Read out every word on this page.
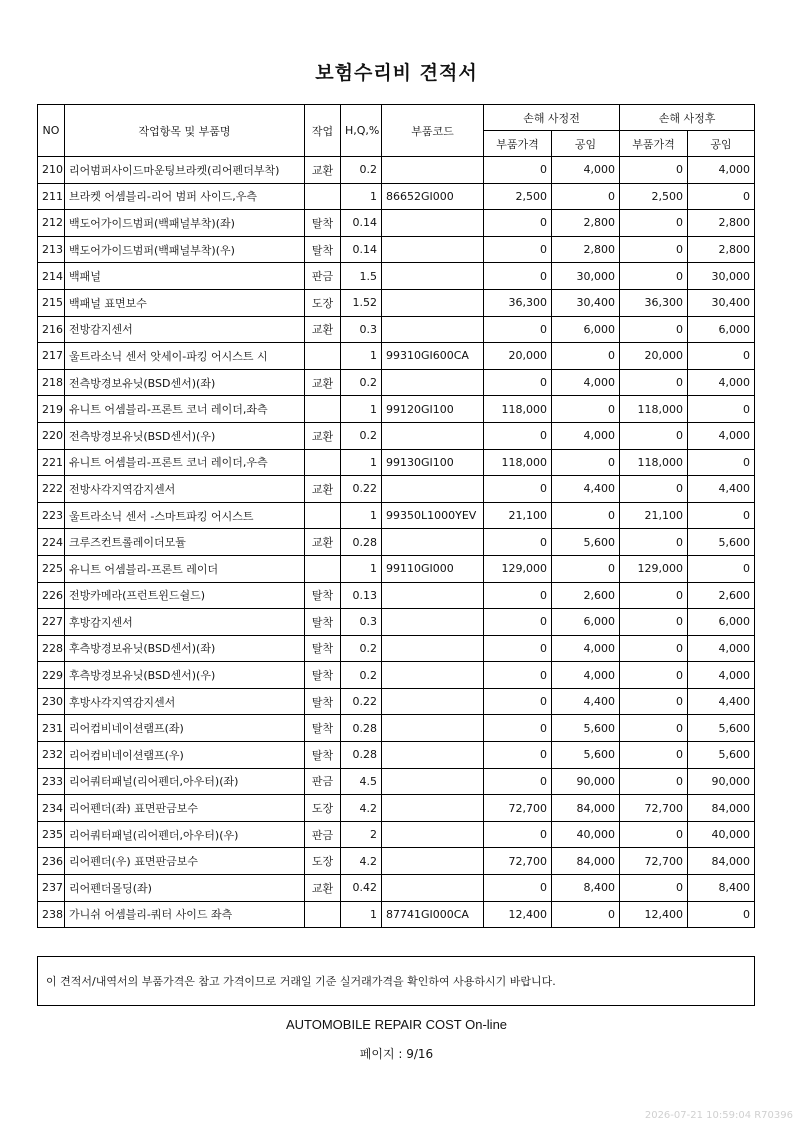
보험수리비 견적서
NO	작업항목 및 부품명	작업	H,Q,%	부품코드	손해 사정전		손해 사정후	
					부품가격	공임	부품가격	공임
210	리어범퍼사이드마운팅브라켓(리어펜더부착)	교환	0.2		0	4,000	0	4,000
211	브라켓 어셈블리-리어 범퍼 사이드,우측		1	86652GI000	2,500	0	2,500	0
212	백도어가이드범퍼(백패널부착)(좌)	탈착	0.14		0	2,800	0	2,800
213	백도어가이드범퍼(백패널부착)(우)	탈착	0.14		0	2,800	0	2,800
214	백패널	판금	1.5		0	30,000	0	30,000
215	백패널 표면보수	도장	1.52		36,300	30,400	36,300	30,400
216	전방감지센서	교환	0.3		0	6,000	0	6,000
217	울트라소닉 센서 앗세이-파킹 어시스트 시		1	99310GI600CA	20,000	0	20,000	0
218	전측방경보유닛(BSD센서)(좌)	교환	0.2		0	4,000	0	4,000
219	유니트 어셈블리-프론트 코너 레이더,좌측		1	99120GI100	118,000	0	118,000	0
220	전측방경보유닛(BSD센서)(우)	교환	0.2		0	4,000	0	4,000
221	유니트 어셈블리-프론트 코너 레이더,우측		1	99130GI100	118,000	0	118,000	0
222	전방사각지역감지센서	교환	0.22		0	4,400	0	4,400
223	울트라소닉 센서 -스마트파킹 어시스트		1	99350L1000YEV	21,100	0	21,100	0
224	크루즈컨트롤레이더모듈	교환	0.28		0	5,600	0	5,600
225	유니트 어셈블리-프론트 레이더		1	99110GI000	129,000	0	129,000	0
226	전방카메라(프런트윈드쉴드)	탈착	0.13		0	2,600	0	2,600
227	후방감지센서	탈착	0.3		0	6,000	0	6,000
228	후측방경보유닛(BSD센서)(좌)	탈착	0.2		0	4,000	0	4,000
229	후측방경보유닛(BSD센서)(우)	탈착	0.2		0	4,000	0	4,000
230	후방사각지역감지센서	탈착	0.22		0	4,400	0	4,400
231	리어컴비네이션램프(좌)	탈착	0.28		0	5,600	0	5,600
232	리어컴비네이션램프(우)	탈착	0.28		0	5,600	0	5,600
233	리어쿼터패널(리어펜더,아우터)(좌)	판금	4.5		0	90,000	0	90,000
234	리어펜더(좌) 표면판금보수	도장	4.2		72,700	84,000	72,700	84,000
235	리어쿼터패널(리어펜더,아우터)(우)	판금	2		0	40,000	0	40,000
236	리어펜더(우) 표면판금보수	도장	4.2		72,700	84,000	72,700	84,000
237	리어펜더몰딩(좌)	교환	0.42		0	8,400	0	8,400
238	가니쉬 어셈블리-쿼터 사이드 좌측		1	87741GI000CA	12,400	0	12,400	0
이 견적서/내역서의 부품가격은 참고 가격이므로 거래일 기준 실거래가격을 확인하여 사용하시기 바랍니다.
AUTOMOBILE REPAIR COST On-line
페이지 : 9/16
2026-07-21 10:59:04 R70396
